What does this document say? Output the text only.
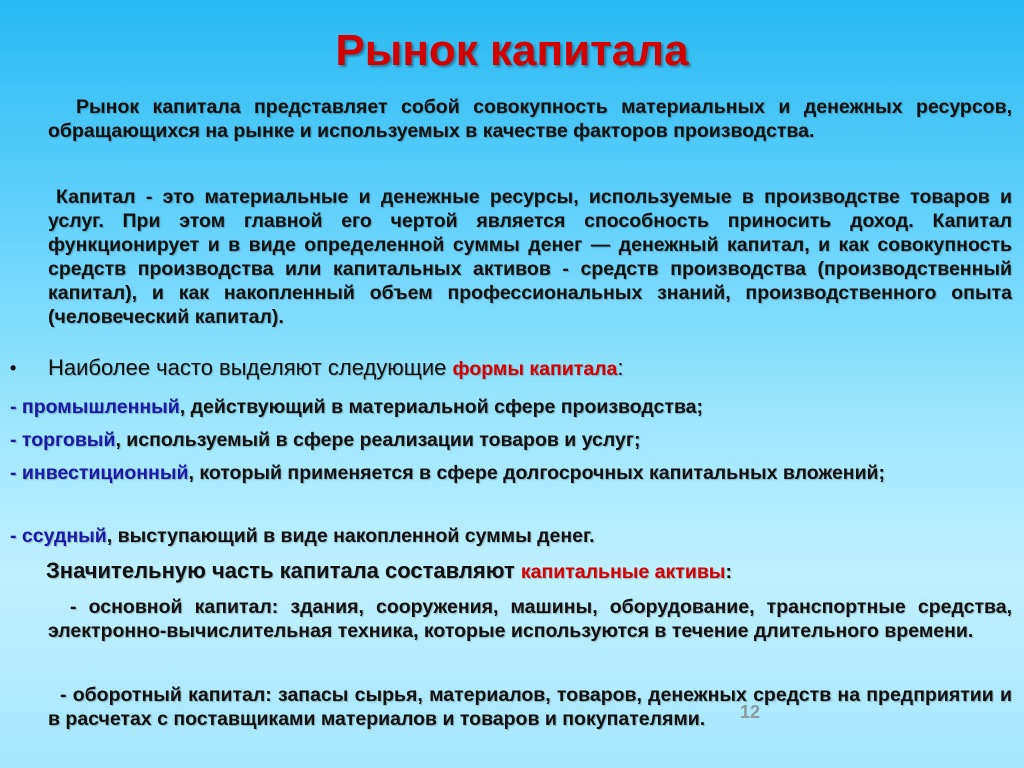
Рынок капитала
Рынок капитала представляет собой совокупность материальных и денежных ресурсов, обращающихся на рынке и используемых в качестве факторов производства.
Капитал - это материальные и денежные ресурсы, используемые в производстве товаров и услуг. При этом главной его чертой является способность приносить доход. Капитал функционирует и в виде определенной суммы денег — денежный капитал, и как совокупность средств производства или капитальных активов - средств производства (производственный капитал), и как накопленный объем профессиональных знаний, производственного опыта (человеческий капитал).
• Наиболее часто выделяют следующие формы капитала:
- промышленный, действующий в материальной сфере производства;
- торговый, используемый в сфере реализации товаров и услуг;
- инвестиционный, который применяется в сфере долгосрочных капитальных вложений;
- ссудный, выступающий в виде накопленной суммы денег.
Значительную часть капитала составляют капитальные активы:
- основной капитал: здания, сооружения, машины, оборудование, транспортные средства, электронно-вычислительная техника, которые используются в течение длительного времени.
- оборотный капитал: запасы сырья, материалов, товаров, денежных средств на предприятии и в расчетах с поставщиками материалов и товаров и покупателями.	12
